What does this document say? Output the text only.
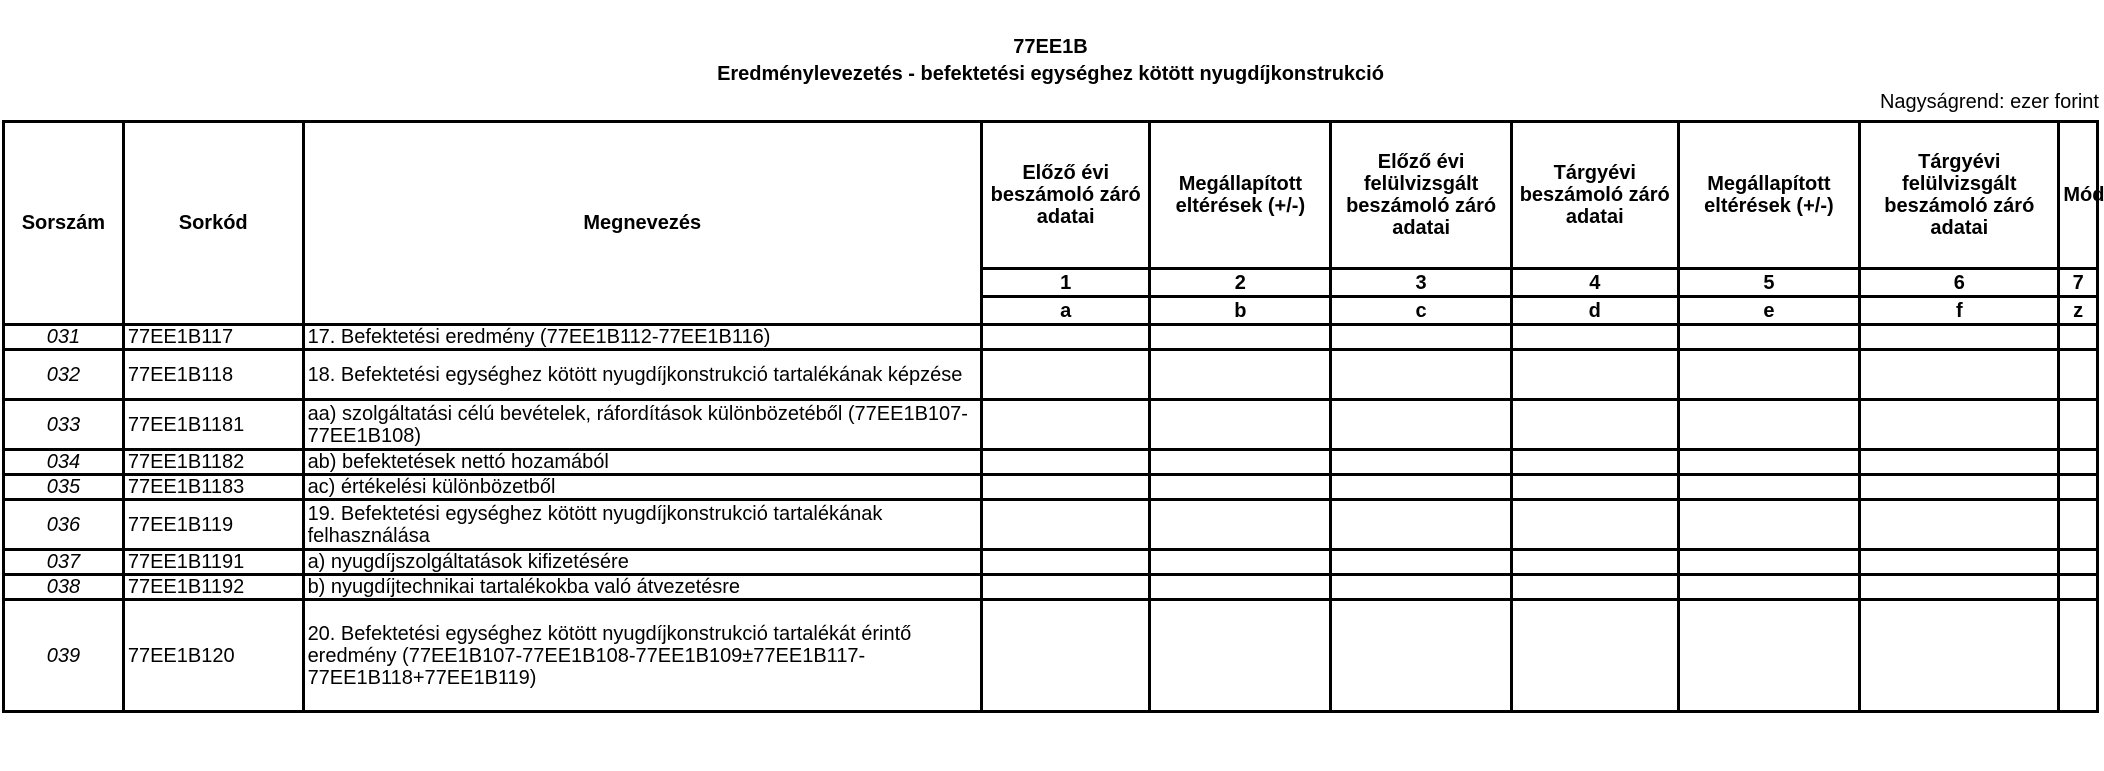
77EE1B
Eredménylevezetés - befektetési egységhez kötött nyugdíjkonstrukció
Nagyságrend: ezer forint
Sorszám	Sorkód	Megnevezés	Előző évi beszámoló záró adatai	Megállapított eltérések (+/-)	Előző évi felülvizsgált beszámoló záró adatai	Tárgyévi beszámoló záró adatai	Megállapított eltérések (+/-)	Tárgyévi felülvizsgált beszámoló záró adatai	Mód
			1	2	3	4	5	6	7
			a	b	c	d	e	f	z
031	77EE1B117	17. Befektetési eredmény (77EE1B112-77EE1B116)							
032	77EE1B118	18. Befektetési egységhez kötött nyugdíjkonstrukció tartalékának képzése							
033	77EE1B1181	aa) szolgáltatási célú bevételek, ráfordítások különbözetéből (77EE1B107-77EE1B108)							
034	77EE1B1182	ab) befektetések nettó hozamából							
035	77EE1B1183	ac) értékelési különbözetből							
036	77EE1B119	19. Befektetési egységhez kötött nyugdíjkonstrukció tartalékának felhasználása							
037	77EE1B1191	a) nyugdíjszolgáltatások kifizetésére							
038	77EE1B1192	b) nyugdíjtechnikai tartalékokba való átvezetésre							
039	77EE1B120	20. Befektetési egységhez kötött nyugdíjkonstrukció tartalékát érintő eredmény (77EE1B107-77EE1B108-77EE1B109±77EE1B117-77EE1B118+77EE1B119)							
